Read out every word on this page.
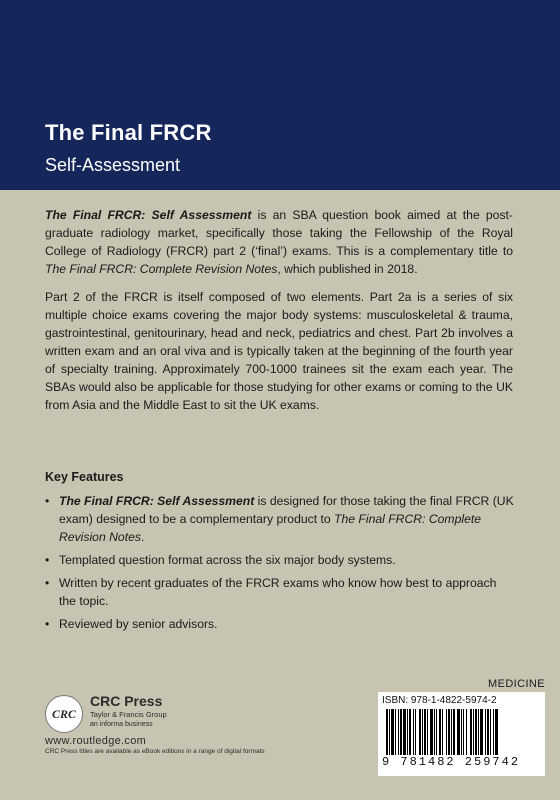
The Final FRCR
Self-Assessment

The Final FRCR: Self Assessment is an SBA question book aimed at the post-graduate radiology market, specifically those taking the Fellowship of the Royal College of Radiology (FRCR) part 2 (‘final’) exams. This is a complementary title to The Final FRCR: Complete Revision Notes, which published in 2018.

Part 2 of the FRCR is itself composed of two elements. Part 2a is a series of six multiple choice exams covering the major body systems: musculoskeletal & trauma, gastrointestinal, genitourinary, head and neck, pediatrics and chest. Part 2b involves a written exam and an oral viva and is typically taken at the beginning of the fourth year of specialty training. Approximately 700-1000 trainees sit the exam each year. The SBAs would also be applicable for those studying for other exams or coming to the UK from Asia and the Middle East to sit the UK exams.

Key Features
• The Final FRCR: Self Assessment is designed for those taking the final FRCR (UK exam) designed to be a complementary product to The Final FRCR: Complete Revision Notes.
• Templated question format across the six major body systems.
• Written by recent graduates of the FRCR exams who know how best to approach the topic.
• Reviewed by senior advisors.
CRC
CRC Press
Taylor & Francis Group
an informa business
www.routledge.com
CRC Press titles are available as eBook editions in a range of digital formats
MEDICINE
ISBN: 978-1-4822-5974-2
9 781482 259742
